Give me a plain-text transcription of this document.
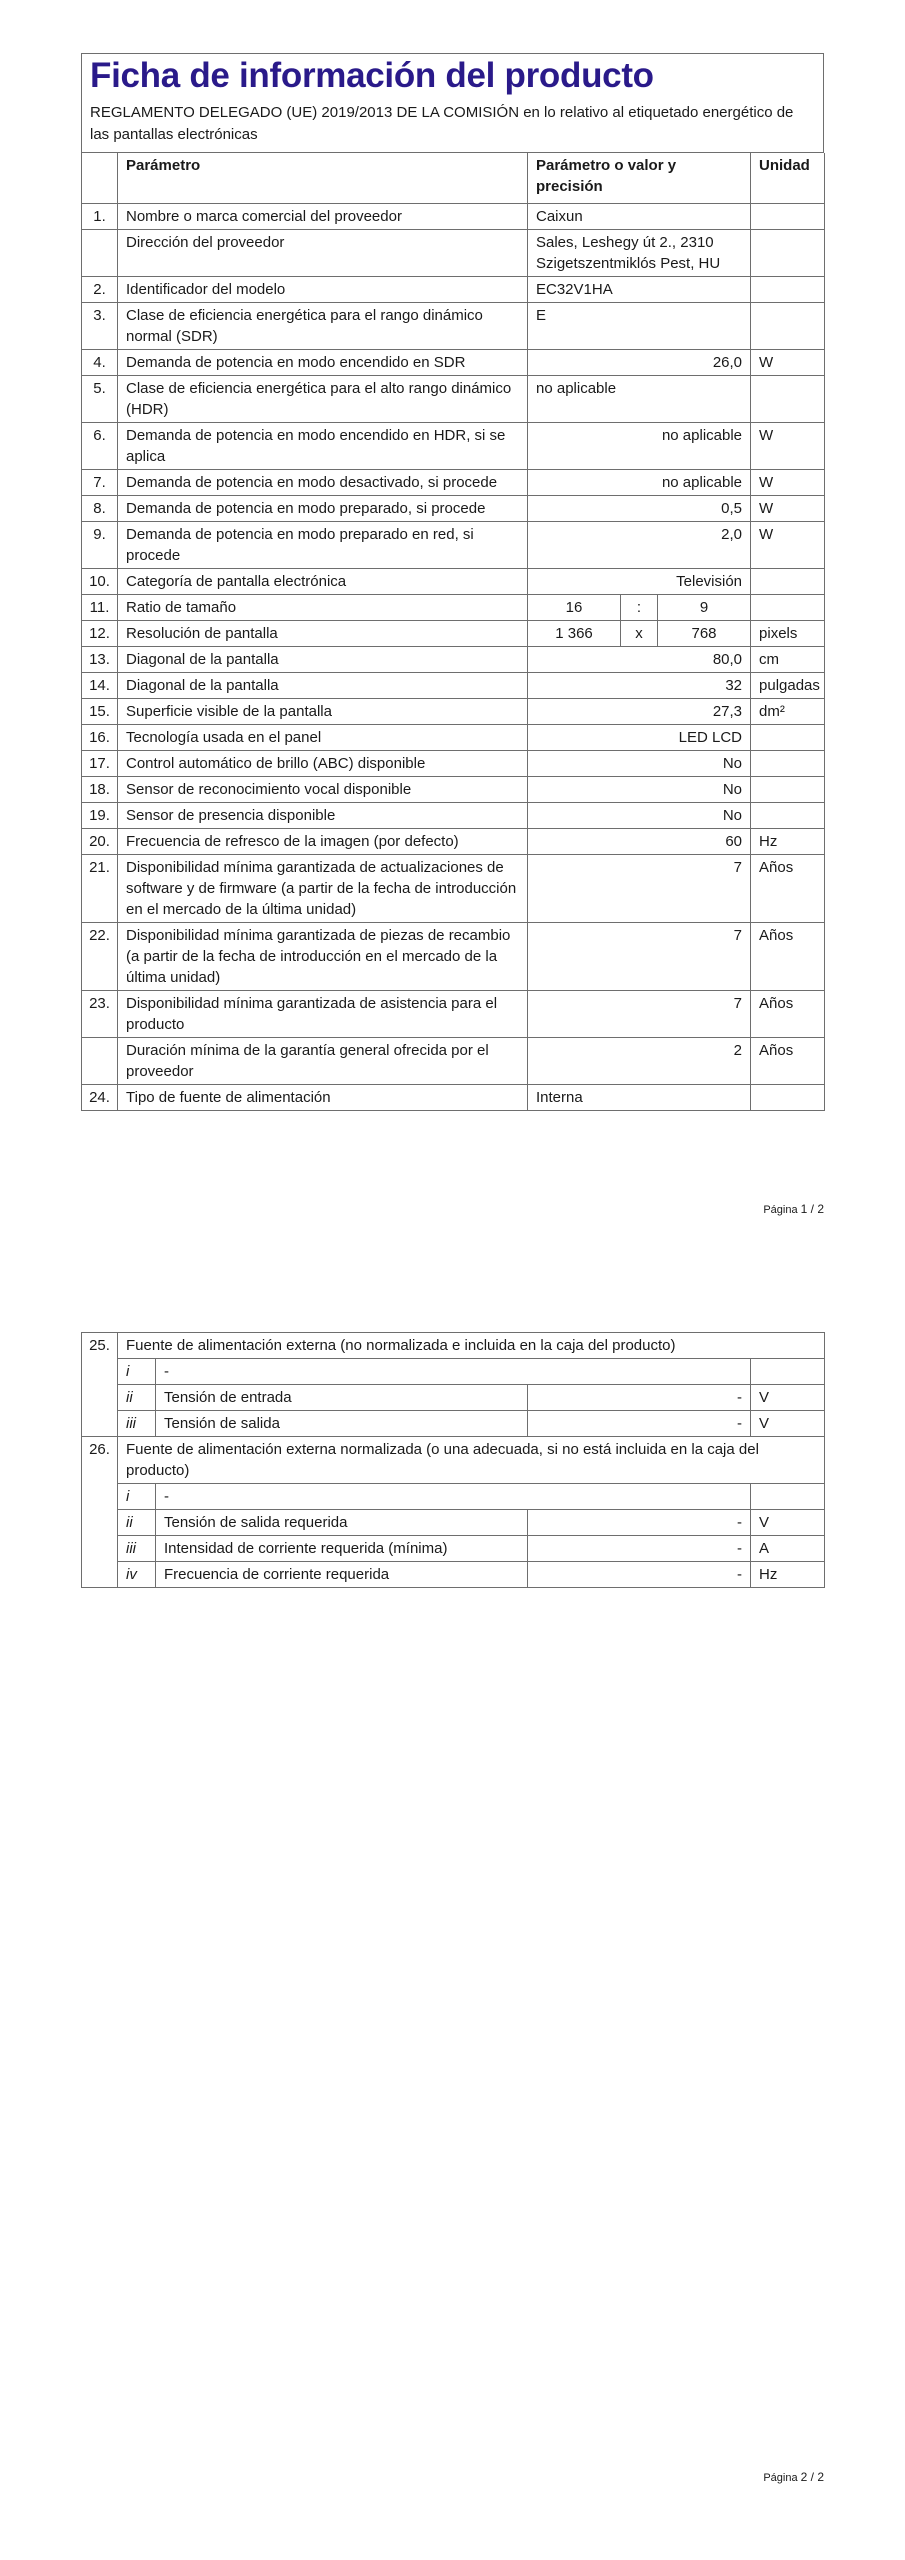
Ficha de información del producto
REGLAMENTO DELEGADO (UE) 2019/2013 DE LA COMISIÓN en lo relativo al etiquetado energético de las pantallas electrónicas
	Parámetro	Parámetro o valor y precisión			Unidad
1.	Nombre o marca comercial del proveedor	Caixun			
	Dirección del proveedor	Sales, Leshegy út 2., 2310 Szigetszentmiklós Pest, HU			
2.	Identificador del modelo	EC32V1HA			
3.	Clase de eficiencia energética para el rango dinámico normal (SDR)	E			
4.	Demanda de potencia en modo encendido en SDR	26,0			W
5.	Clase de eficiencia energética para el alto rango dinámico (HDR)	no aplicable			
6.	Demanda de potencia en modo encendido en HDR, si se aplica	no aplicable			W
7.	Demanda de potencia en modo desactivado, si procede	no aplicable			W
8.	Demanda de potencia en modo preparado, si procede	0,5			W
9.	Demanda de potencia en modo preparado en red, si procede	2,0			W
10.	Categoría de pantalla electrónica	Televisión			
11.	Ratio de tamaño	16	:	9	
12.	Resolución de pantalla	1 366	x	768	pixels
13.	Diagonal de la pantalla	80,0			cm
14.	Diagonal de la pantalla	32			pulgadas
15.	Superficie visible de la pantalla	27,3			dm²
16.	Tecnología usada en el panel	LED LCD			
17.	Control automático de brillo (ABC) disponible	No			
18.	Sensor de reconocimiento vocal disponible	No			
19.	Sensor de presencia disponible	No			
20.	Frecuencia de refresco de la imagen (por defecto)	60			Hz
21.	Disponibilidad mínima garantizada de actualizaciones de software y de firmware (a partir de la fecha de introducción en el mercado de la última unidad)	7			Años
22.	Disponibilidad mínima garantizada de piezas de recambio (a partir de la fecha de introducción en el mercado de la última unidad)	7			Años
23.	Disponibilidad mínima garantizada de asistencia para el producto	7			Años
	Duración mínima de la garantía general ofrecida por el proveedor	2			Años
24.	Tipo de fuente de alimentación	Interna			
Página 1 / 2
25.	Fuente de alimentación externa (no normalizada e incluida en la caja del producto)			
	i	-		
	ii	Tensión de entrada	-	V
	iii	Tensión de salida	-	V
26.	Fuente de alimentación externa normalizada (o una adecuada, si no está incluida en la caja del producto)			
	i	-		
	ii	Tensión de salida requerida	-	V
	iii	Intensidad de corriente requerida (mínima)	-	A
	iv	Frecuencia de corriente requerida	-	Hz
Página 2 / 2
